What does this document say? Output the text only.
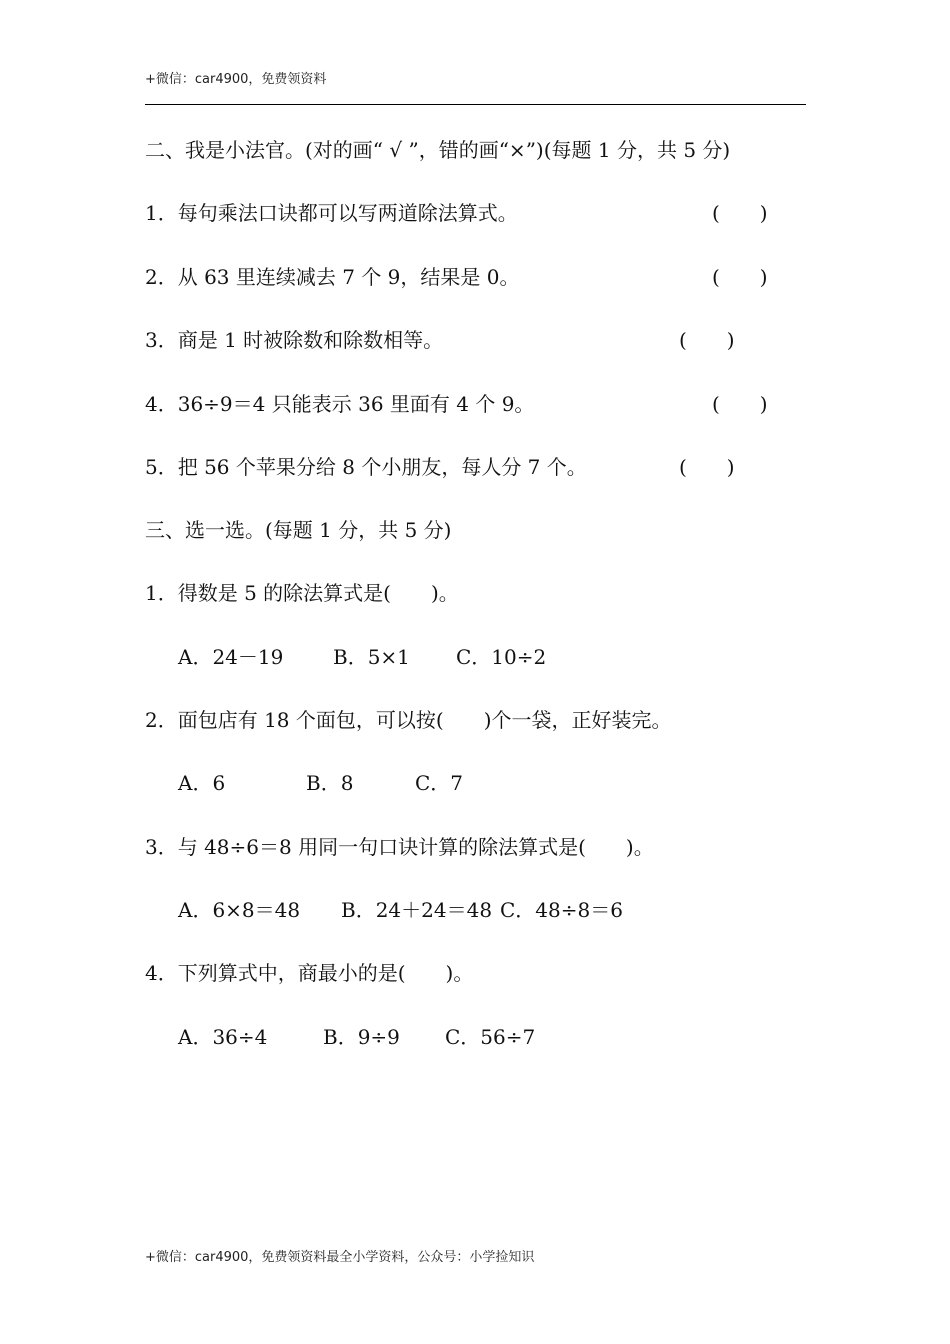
+微信：car4900，免费领资料
二、我是小法官。(对的画“ √ ”，错的画“×”)(每题 1 分，共 5 分)
1．每句乘法口诀都可以写两道除法算式。	(　　)
2．从 63 里连续减去 7 个 9，结果是 0。	(　　)
3．商是 1 时被除数和除数相等。	(　　)
4．36÷9＝4 只能表示 36 里面有 4 个 9。	(　　)
5．把 56 个苹果分给 8 个小朋友，每人分 7 个。	(　　)
三、选一选。(每题 1 分，共 5 分)
1．得数是 5 的除法算式是(　　)。
A．24－19 B．5×1 C．10÷2
2．面包店有 18 个面包，可以按(　　)个一袋，正好装完。
A．6	B．8	C．7
3．与 48÷6＝8 用同一句口诀计算的除法算式是(　　)。
A．6×8＝48 B．24＋24＝48 C．48÷8＝6
4．下列算式中，商最小的是(　　)。
A．36÷4	B．9÷9 C．56÷7
+微信：car4900，免费领资料最全小学资料，公众号：小学捡知识
